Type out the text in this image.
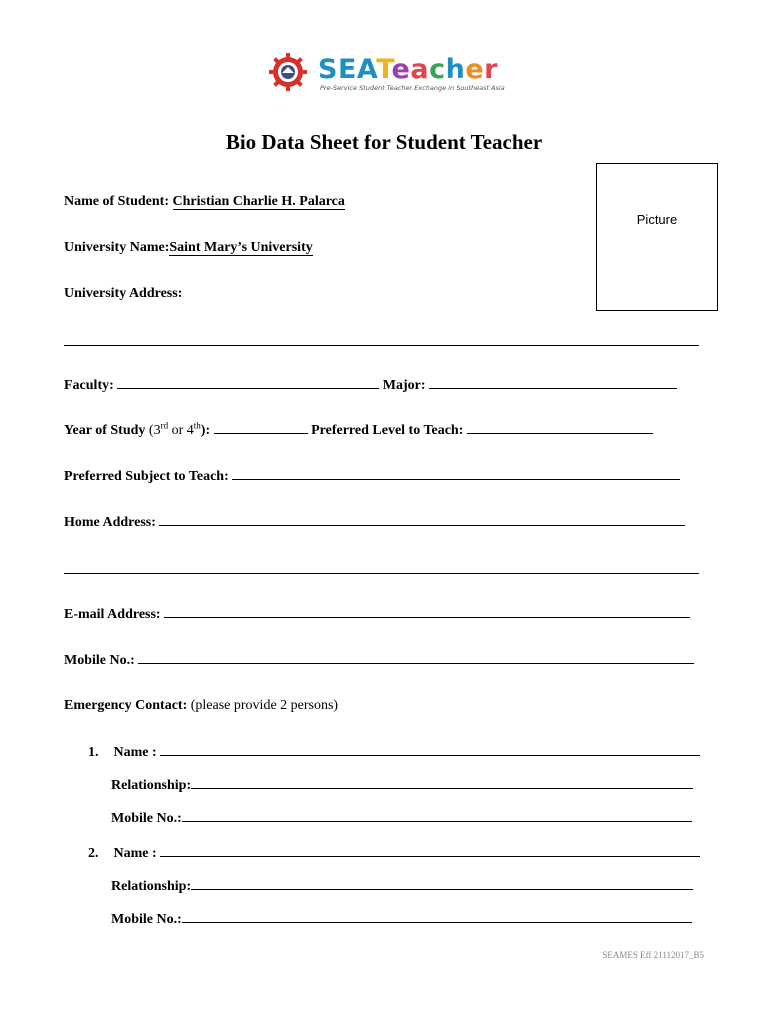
SEATeacher
Pre-Service Student Teacher Exchange in Southeast Asia
Bio Data Sheet for Student Teacher
Picture
Name of Student: Christian Charlie H. Palarca
University Name:Saint Mary’s University
University Address:
Faculty:	Major:
Year of Study (3rd or 4th):	Preferred Level to Teach:
Preferred Subject to Teach:
Home Address:
E-mail Address:
Mobile No.:
Emergency Contact: (please provide 2 persons)
1. Name :
Relationship:
Mobile No.:
2. Name :
Relationship:
Mobile No.:
SEAMES Eff 21112017_B5
